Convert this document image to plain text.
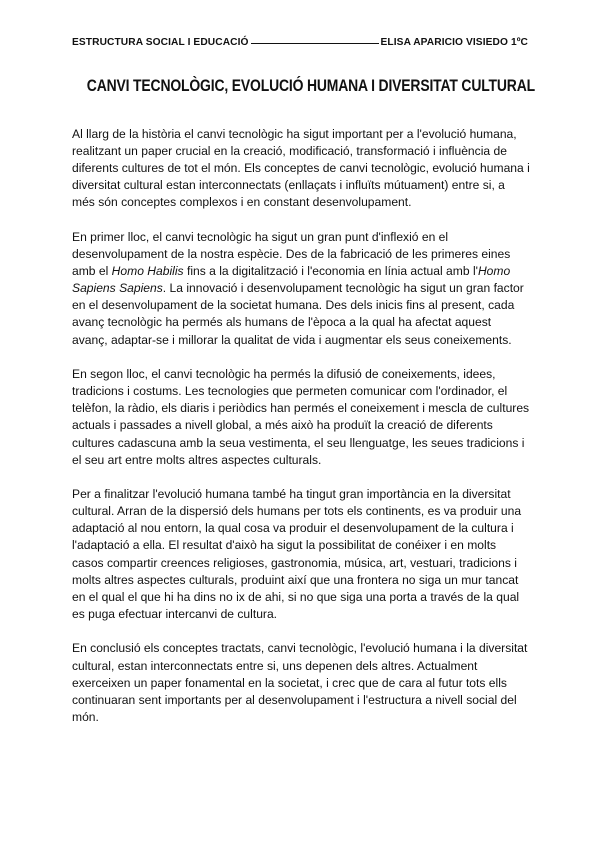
ESTRUCTURA SOCIAL I EDUCACIÓ	ELISA APARICIO VISIEDO 1ºC
CANVI TECNOLÒGIC, EVOLUCIÓ HUMANA I DIVERSITAT CULTURAL

Al llarg de la història el canvi tecnològic ha sigut important per a l'evolució humana, realitzant un paper crucial en la creació, modificació, transformació i influència de diferents cultures de tot el món. Els conceptes de canvi tecnològic, evolució humana i diversitat cultural estan interconnectats (enllaçats i influïts mútuament) entre si, a més són conceptes complexos i en constant desenvolupament.

En primer lloc, el canvi tecnològic ha sigut un gran punt d'inflexió en el desenvolupament de la nostra espècie. Des de la fabricació de les primeres eines amb el Homo Habilis fins a la digitalització i l'economia en línia actual amb l'Homo Sapiens Sapiens. La innovació i desenvolupament tecnològic ha sigut un gran factor en el desenvolupament de la societat humana. Des dels inicis fins al present, cada avanç tecnològic ha permés als humans de l'època a la qual ha afectat aquest avanç, adaptar-se i millorar la qualitat de vida i augmentar els seus coneixements.

En segon lloc, el canvi tecnològic ha permés la difusió de coneixements, idees, tradicions i costums. Les tecnologies que permeten comunicar com l'ordinador, el telèfon, la ràdio, els diaris i periòdics han permés el coneixement i mescla de cultures actuals i passades a nivell global, a més això ha produït la creació de diferents cultures cadascuna amb la seua vestimenta, el seu llenguatge, les seues tradicions i el seu art entre molts altres aspectes culturals.

Per a finalitzar l'evolució humana també ha tingut gran importància en la diversitat cultural. Arran de la dispersió dels humans per tots els continents, es va produir una adaptació al nou entorn, la qual cosa va produir el desenvolupament de la cultura i l'adaptació a ella. El resultat d'això ha sigut la possibilitat de conéixer i en molts casos compartir creences religioses, gastronomia, música, art, vestuari, tradicions i molts altres aspectes culturals, produint així que una frontera no siga un mur tancat en el qual el que hi ha dins no ix de ahi, si no que siga una porta a través de la qual es puga efectuar intercanvi de cultura.

En conclusió els conceptes tractats, canvi tecnològic, l'evolució humana i la diversitat cultural, estan interconnectats entre si, uns depenen dels altres. Actualment exerceixen un paper fonamental en la societat, i crec que de cara al futur tots ells continuaran sent importants per al desenvolupament i l'estructura a nivell social del món.
